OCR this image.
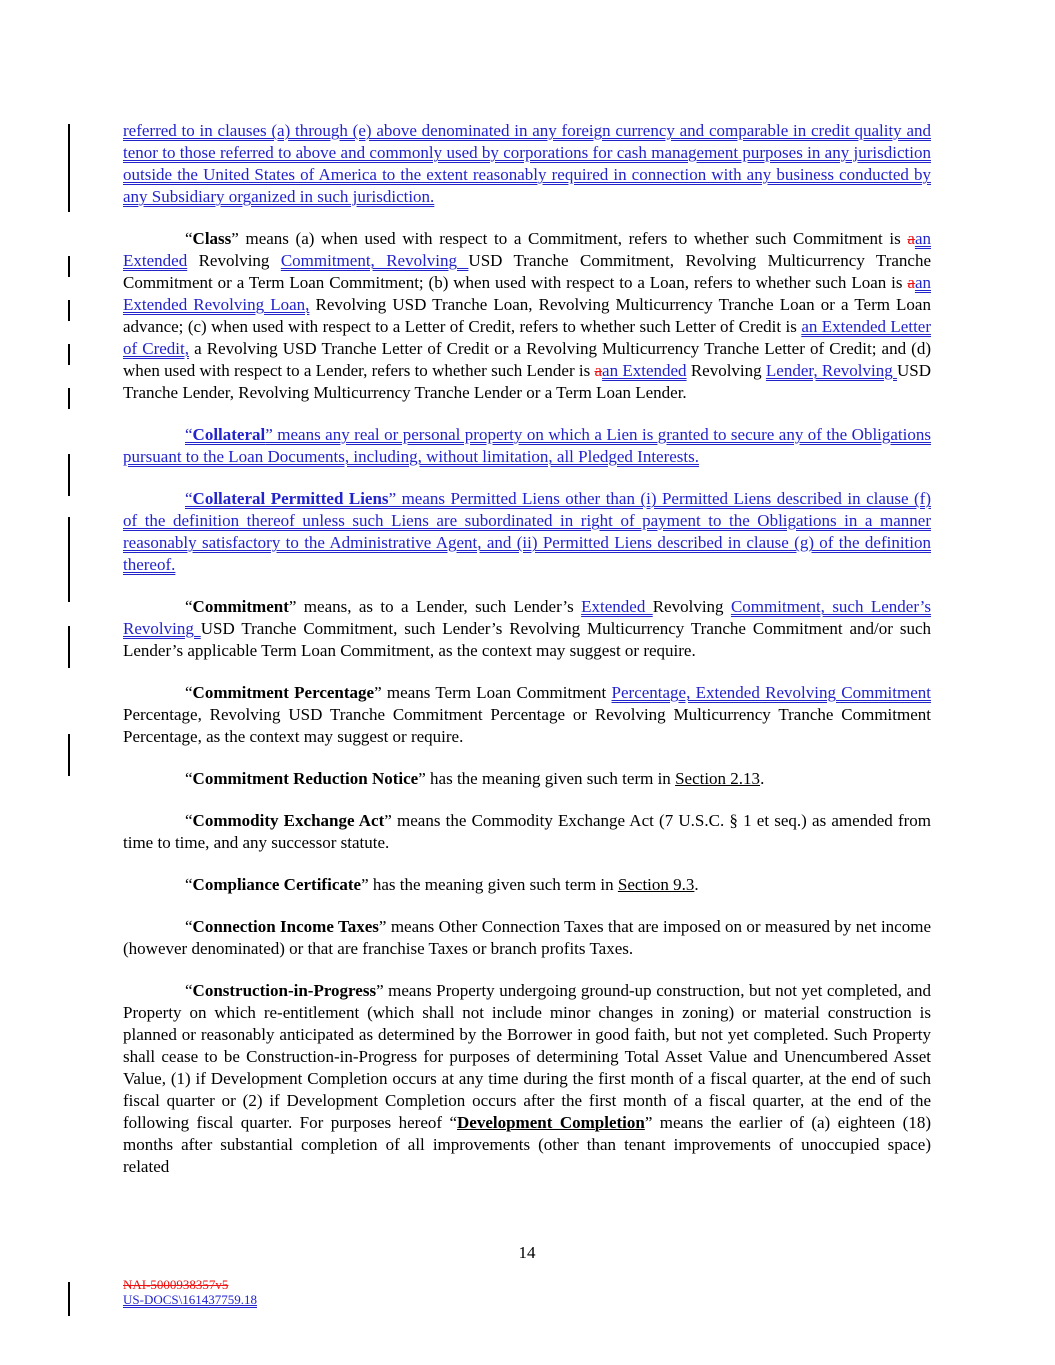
referred to in clauses (a) through (e) above denominated in any foreign currency and comparable in credit quality and tenor to those referred to above and commonly used by corporations for cash management purposes in any jurisdiction outside the United States of America to the extent reasonably required in connection with any business conducted by any Subsidiary organized in such jurisdiction.

“Class” means (a) when used with respect to a Commitment, refers to whether such Commitment is aan Extended Revolving Commitment, Revolving USD Tranche Commitment, Revolving Multicurrency Tranche Commitment or a Term Loan Commitment; (b) when used with respect to a Loan, refers to whether such Loan is aan Extended Revolving Loan, Revolving USD Tranche Loan, Revolving Multicurrency Tranche Loan or a Term Loan advance; (c) when used with respect to a Letter of Credit, refers to whether such Letter of Credit is an Extended Letter of Credit, a Revolving USD Tranche Letter of Credit or a Revolving Multicurrency Tranche Letter of Credit; and (d) when used with respect to a Lender, refers to whether such Lender is aan Extended Revolving Lender, Revolving USD Tranche Lender, Revolving Multicurrency Tranche Lender or a Term Loan Lender.

“Collateral” means any real or personal property on which a Lien is granted to secure any of the Obligations pursuant to the Loan Documents, including, without limitation, all Pledged Interests.

“Collateral Permitted Liens” means Permitted Liens other than (i) Permitted Liens described in clause (f) of the definition thereof unless such Liens are subordinated in right of payment to the Obligations in a manner reasonably satisfactory to the Administrative Agent, and (ii) Permitted Liens described in clause (g) of the definition thereof.

“Commitment” means, as to a Lender, such Lender’s Extended Revolving Commitment, such Lender’s Revolving USD Tranche Commitment, such Lender’s Revolving Multicurrency Tranche Commitment and/or such Lender’s applicable Term Loan Commitment, as the context may suggest or require.

“Commitment Percentage” means Term Loan Commitment Percentage, Extended Revolving Commitment Percentage, Revolving USD Tranche Commitment Percentage or Revolving Multicurrency Tranche Commitment Percentage, as the context may suggest or require.

“Commitment Reduction Notice” has the meaning given such term in Section 2.13.

“Commodity Exchange Act” means the Commodity Exchange Act (7 U.S.C. § 1 et seq.) as amended from time to time, and any successor statute.

“Compliance Certificate” has the meaning given such term in Section 9.3.

“Connection Income Taxes” means Other Connection Taxes that are imposed on or measured by net income (however denominated) or that are franchise Taxes or branch profits Taxes.

“Construction-in-Progress” means Property undergoing ground-up construction, but not yet completed, and Property on which re-entitlement (which shall not include minor changes in zoning) or material construction is planned or reasonably anticipated as determined by the Borrower in good faith, but not yet completed. Such Property shall cease to be Construction-in-Progress for purposes of determining Total Asset Value and Unencumbered Asset Value, (1) if Development Completion occurs at any time during the first month of a fiscal quarter, at the end of such fiscal quarter or (2) if Development Completion occurs after the first month of a fiscal quarter, at the end of the following fiscal quarter. For purposes hereof “Development Completion” means the earlier of (a) eighteen (18) months after substantial completion of all improvements (other than tenant improvements of unoccupied space) related

14
NAI-5000938357v5
US-DOCS\161437759.18
